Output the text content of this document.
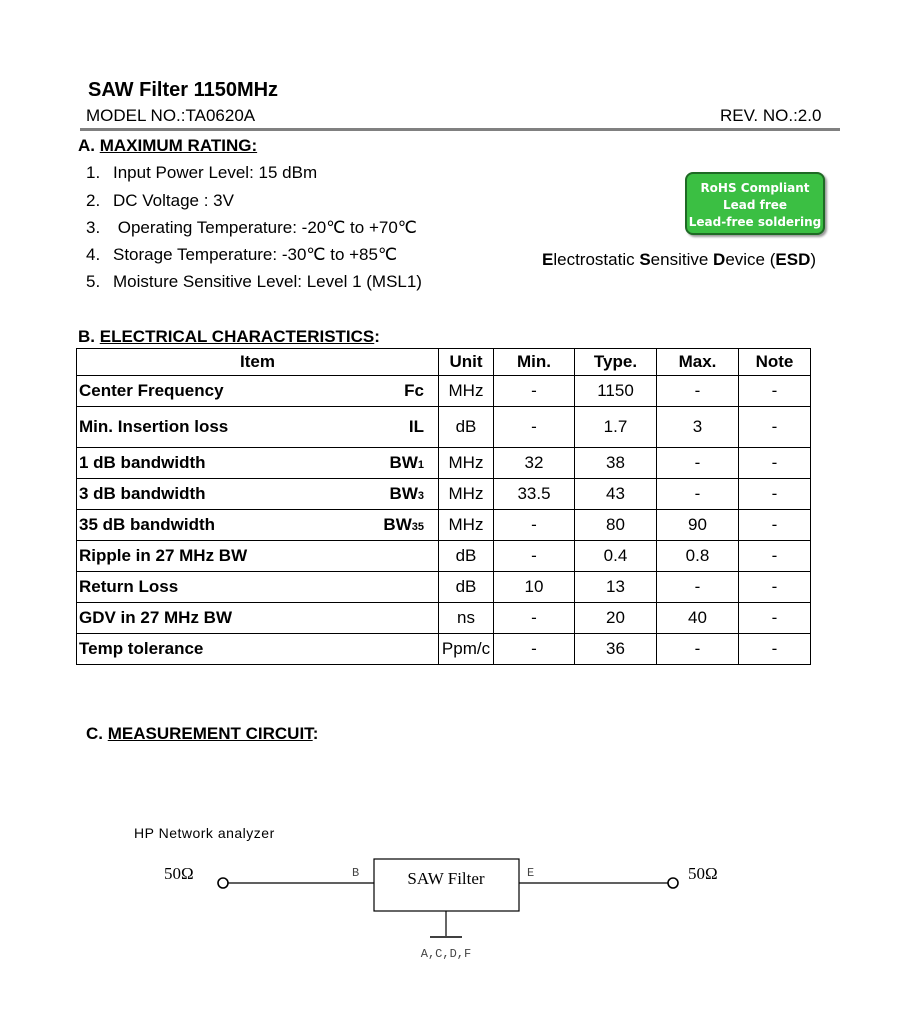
SAW Filter 1150MHz
MODEL NO.:TA0620A	REV. NO.:2.0
A. MAXIMUM RATING:
1. Input Power Level: 15 dBm
2. DC Voltage : 3V
3. Operating Temperature: -20℃ to +70℃
4. Storage Temperature: -30℃ to +85℃
5. Moisture Sensitive Level: Level 1 (MSL1)
RoHS Compliant
Lead free
Lead-free soldering
Electrostatic Sensitive Device (ESD)
B. ELECTRICAL CHARACTERISTICS:
Item	Unit	Min.	Type.	Max.	Note
Center Frequency Fc	MHz	-	1150	-	-
Min. Insertion loss IL	dB	-	1.7	3	-
1 dB bandwidth BW1	MHz	32	38	-	-
3 dB bandwidth BW3	MHz	33.5	43	-	-
35 dB bandwidth BW35	MHz	-	80	90	-
Ripple in 27 MHz BW	dB	-	0.4	0.8	-
Return Loss	dB	10	13	-	-
GDV in 27 MHz BW	ns	-	20	40	-
Temp tolerance	Ppm/c	-	36	-	-
C. MEASUREMENT CIRCUIT:
HP Network analyzer
50Ω	B	SAW Filter	E	50Ω
A,C,D,F
